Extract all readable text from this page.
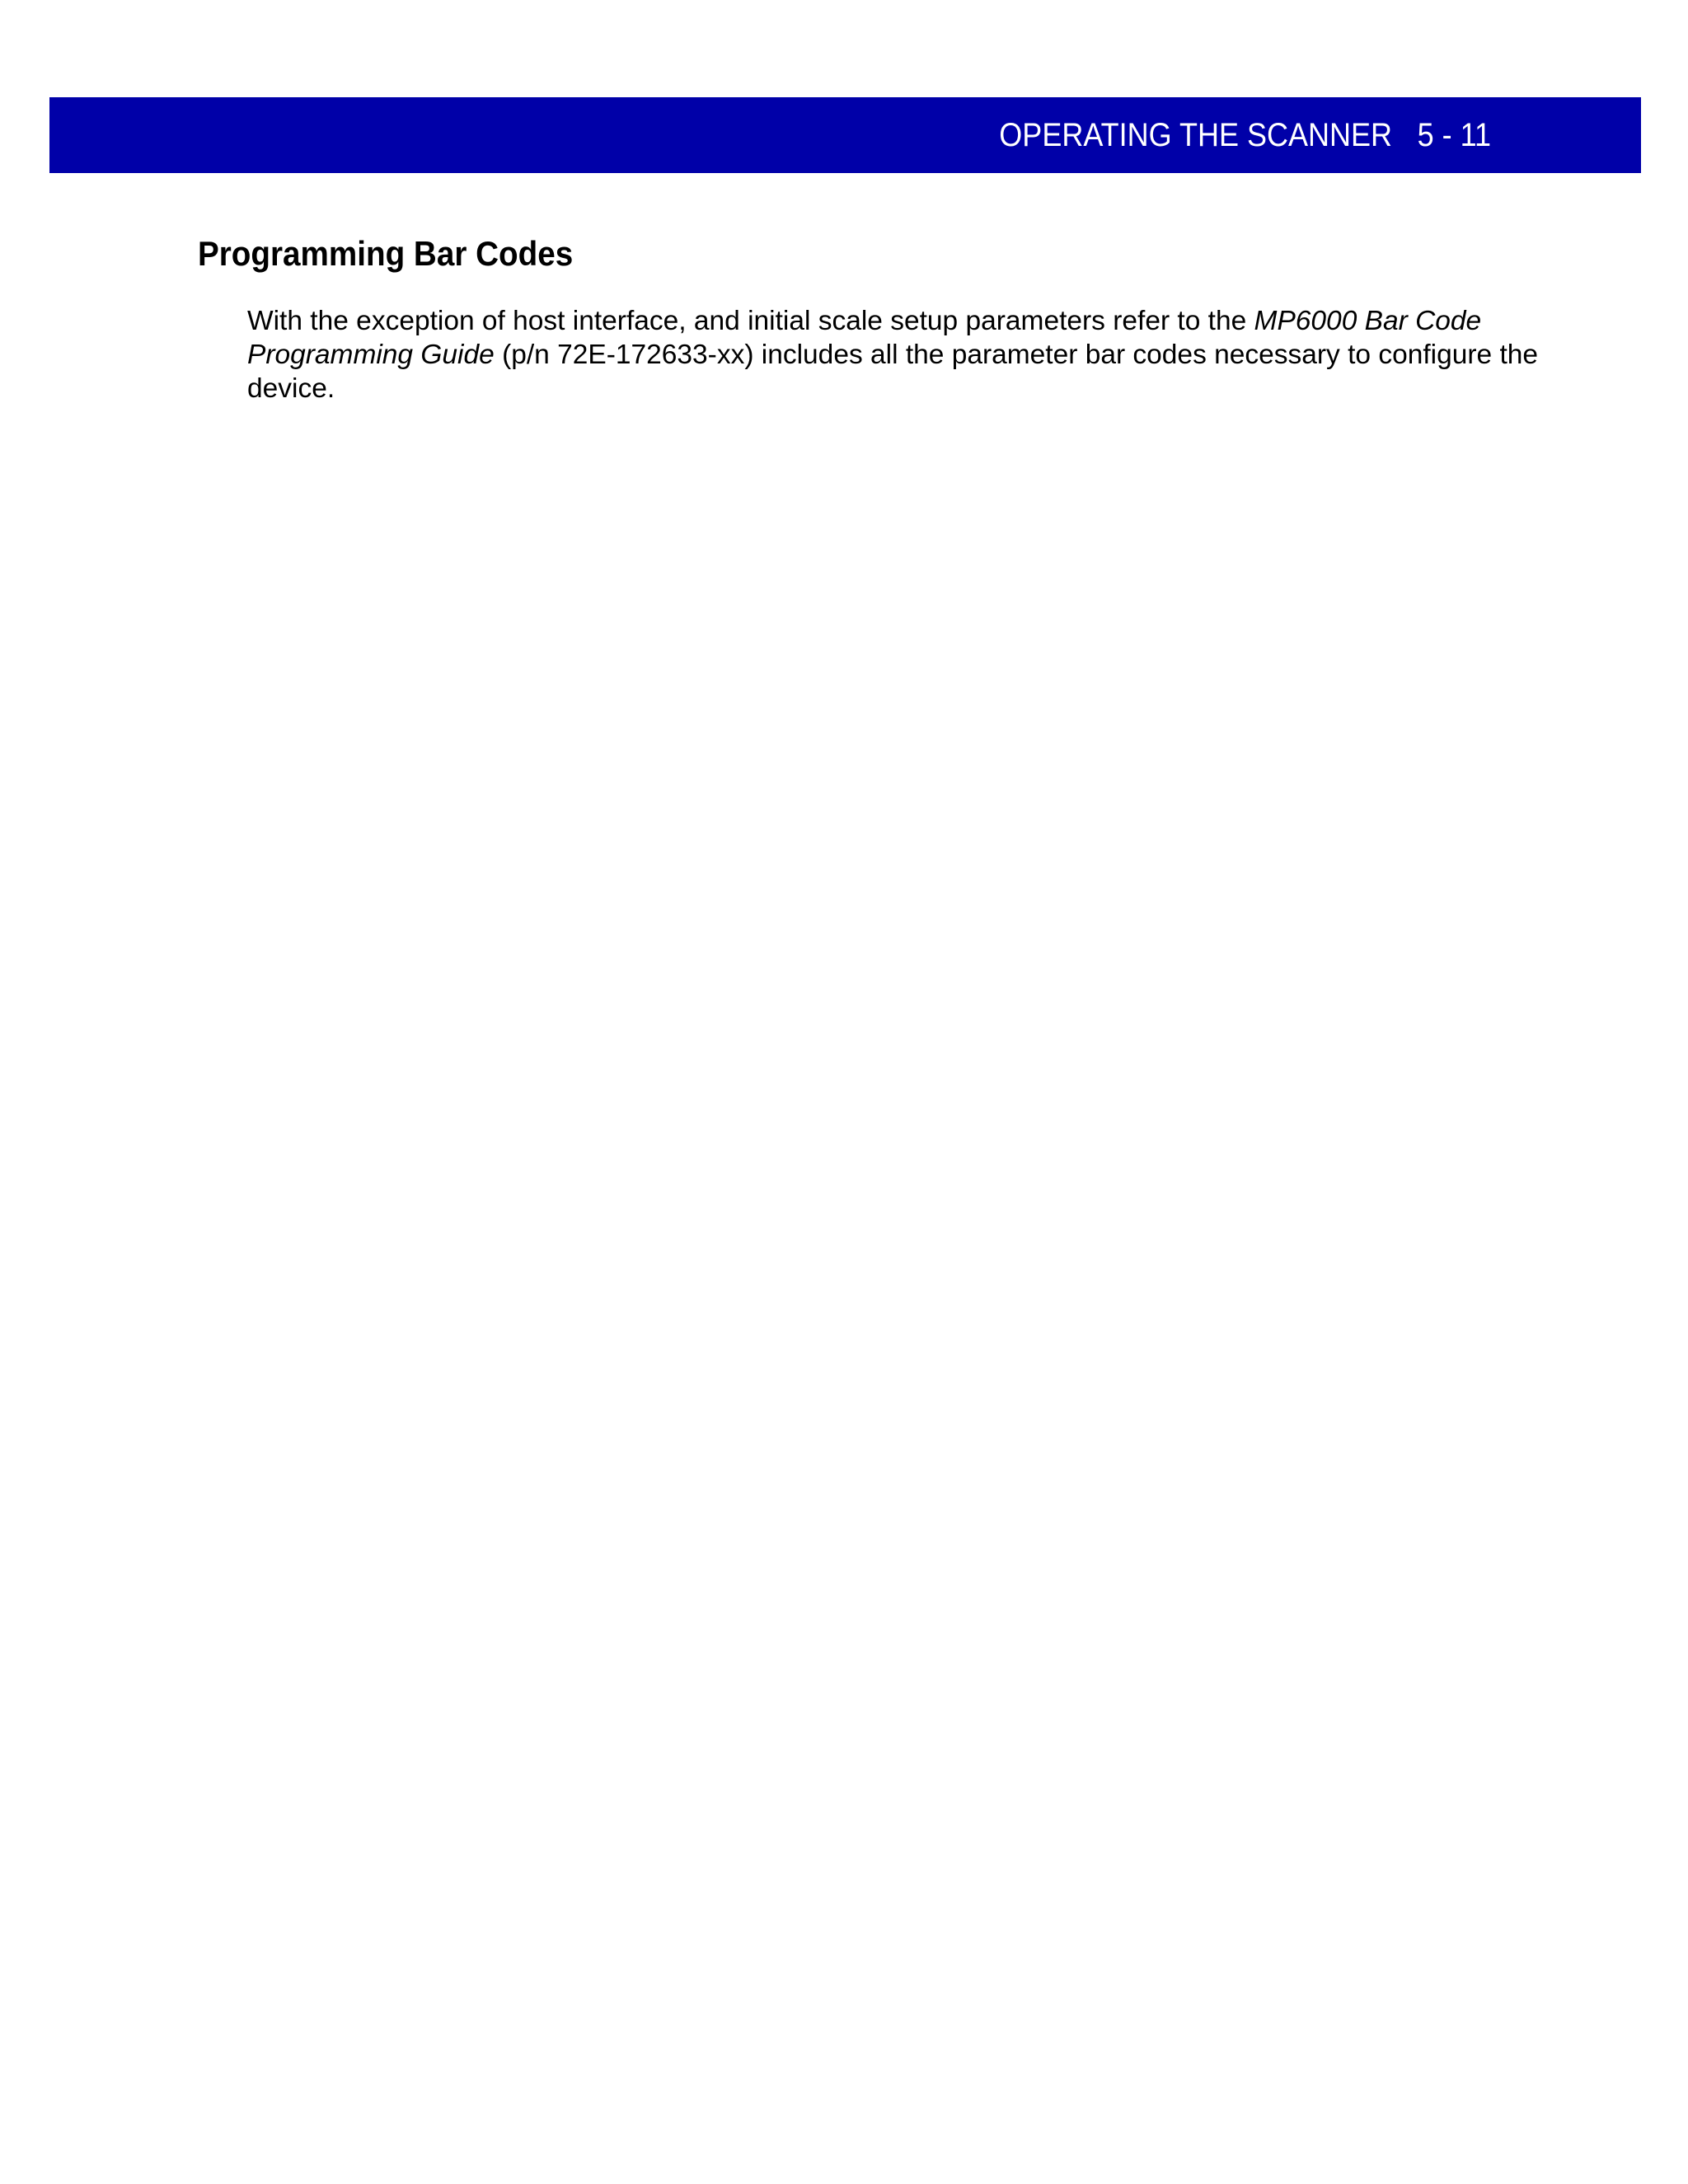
OPERATING THE SCANNER 5 - 11
Programming Bar Codes

With the exception of host interface, and initial scale setup parameters refer to the MP6000 Bar Code Programming Guide (p/n 72E-172633-xx) includes all the parameter bar codes necessary to configure the device.
